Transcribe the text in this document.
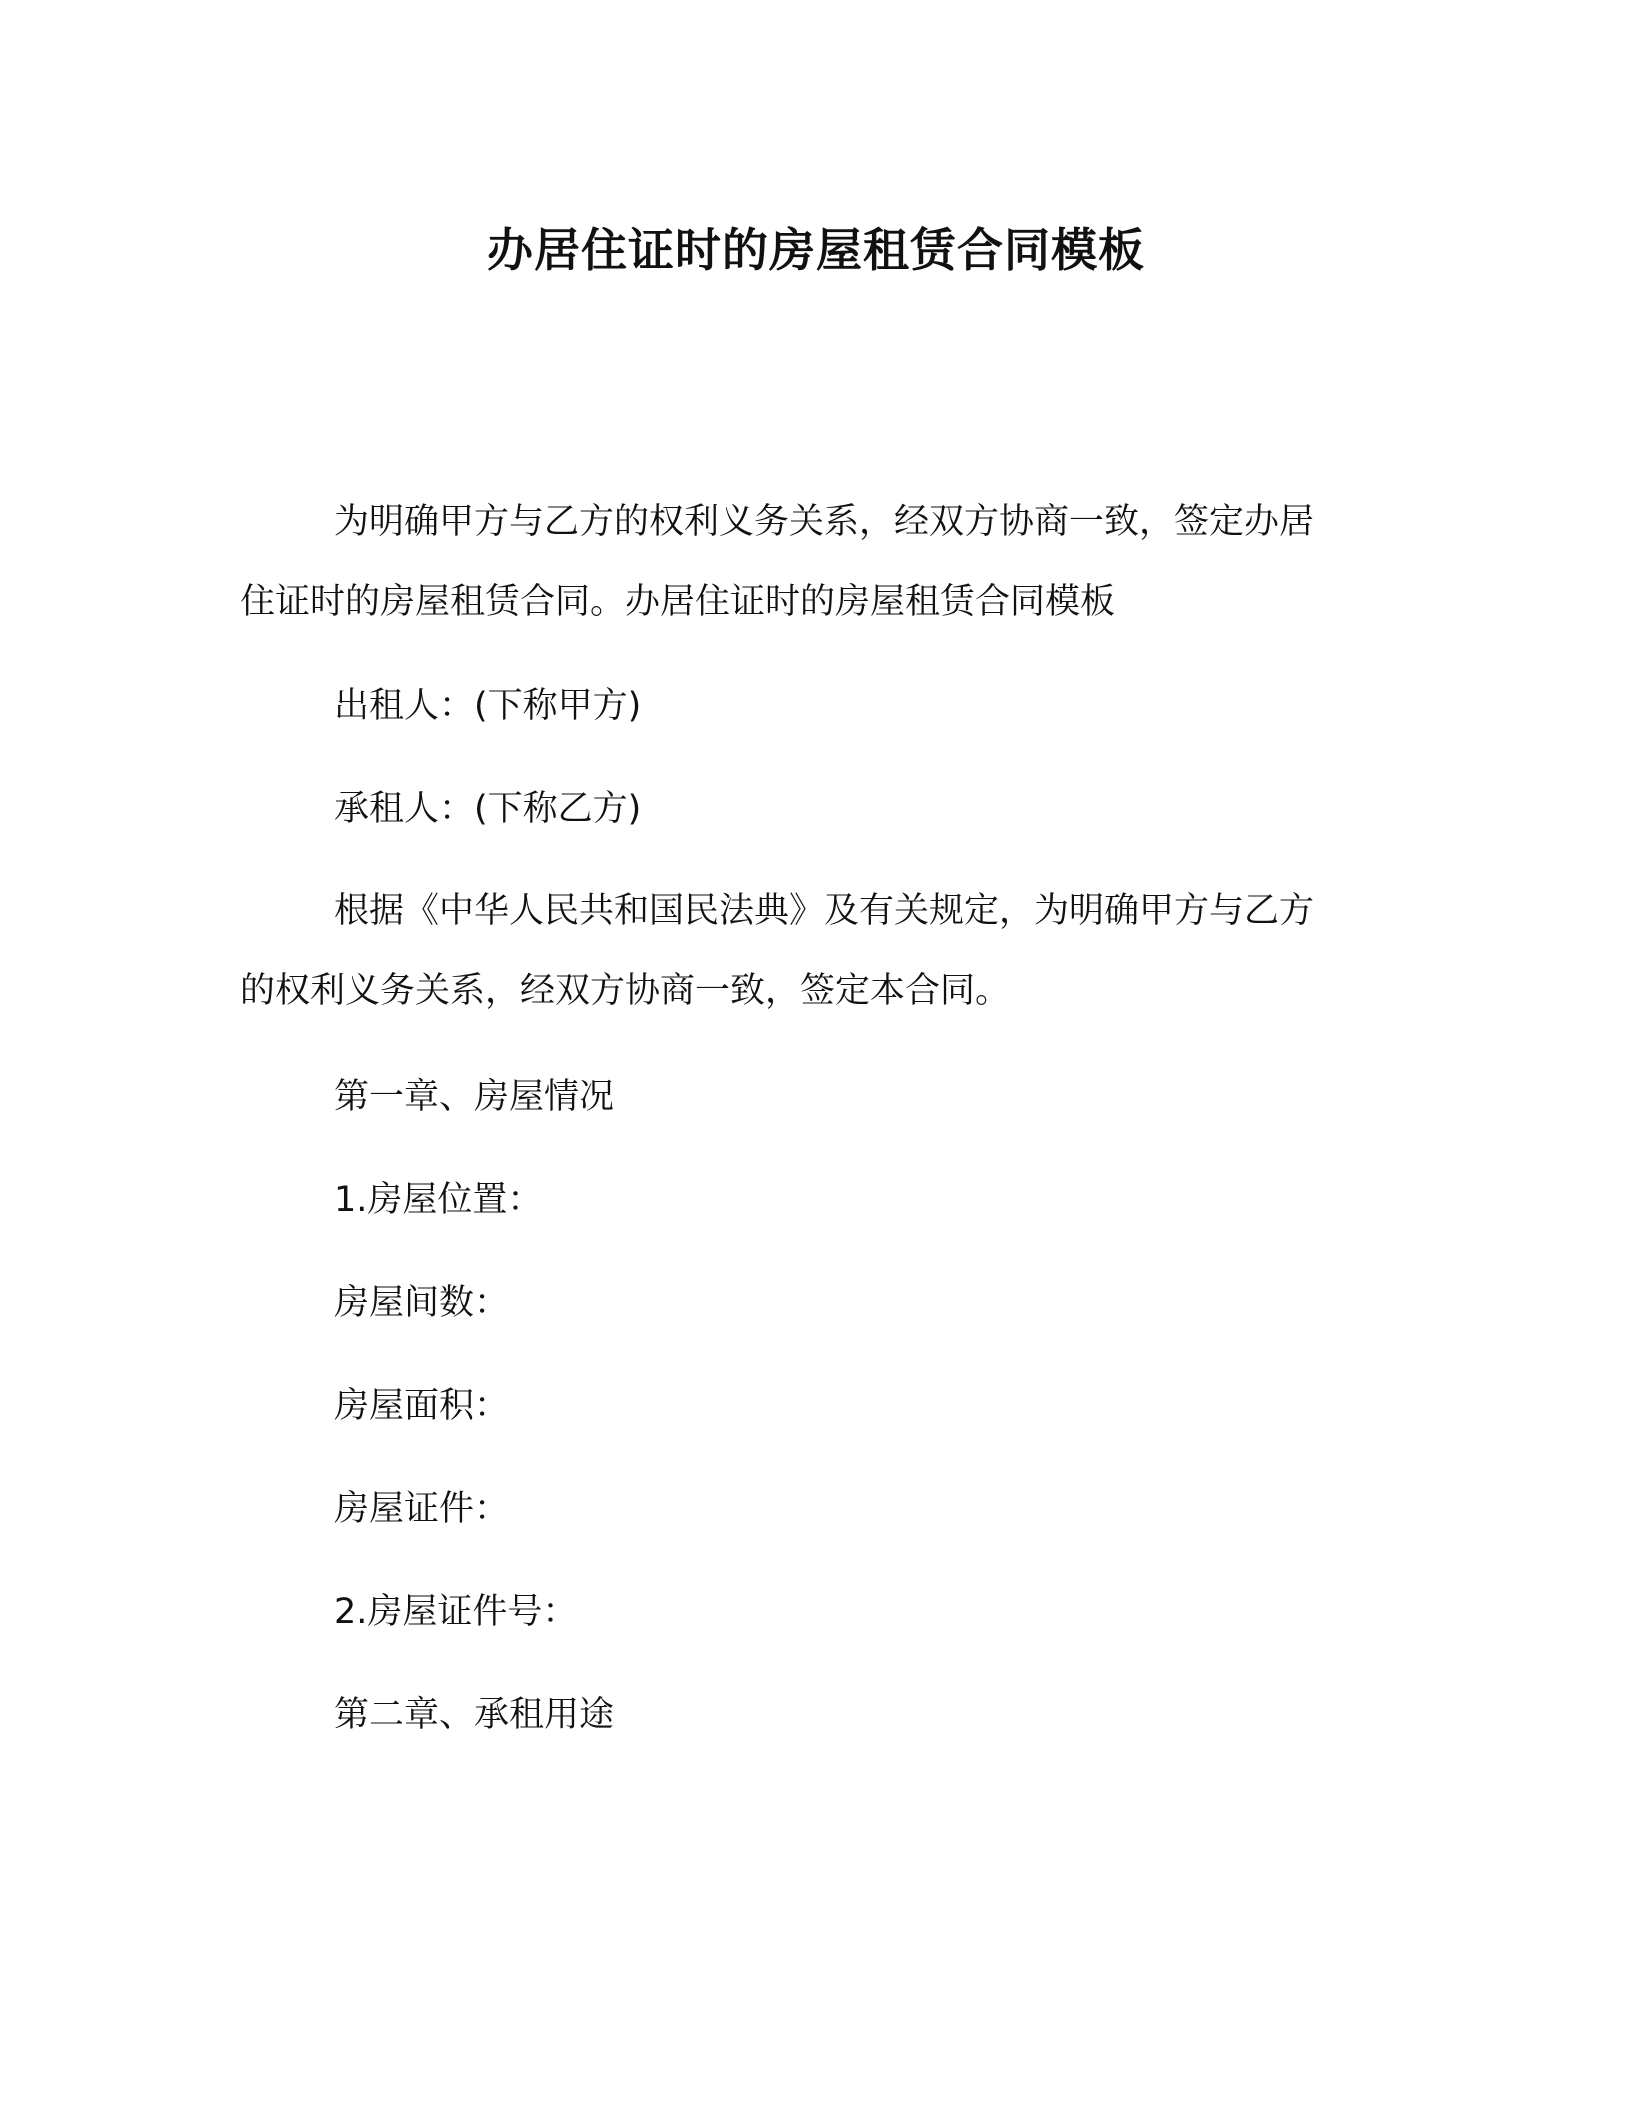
办居住证时的房屋租赁合同模板
为明确甲方与乙方的权利义务关系，经双方协商一致，签定办居
住证时的房屋租赁合同。办居住证时的房屋租赁合同模板
出租人：(下称甲方)
承租人：(下称乙方)
根据《中华人民共和国民法典》及有关规定，为明确甲方与乙方
的权利义务关系，经双方协商一致，签定本合同。
第一章、房屋情况
1.房屋位置：
房屋间数：
房屋面积：
房屋证件：
2.房屋证件号：
第二章、承租用途
